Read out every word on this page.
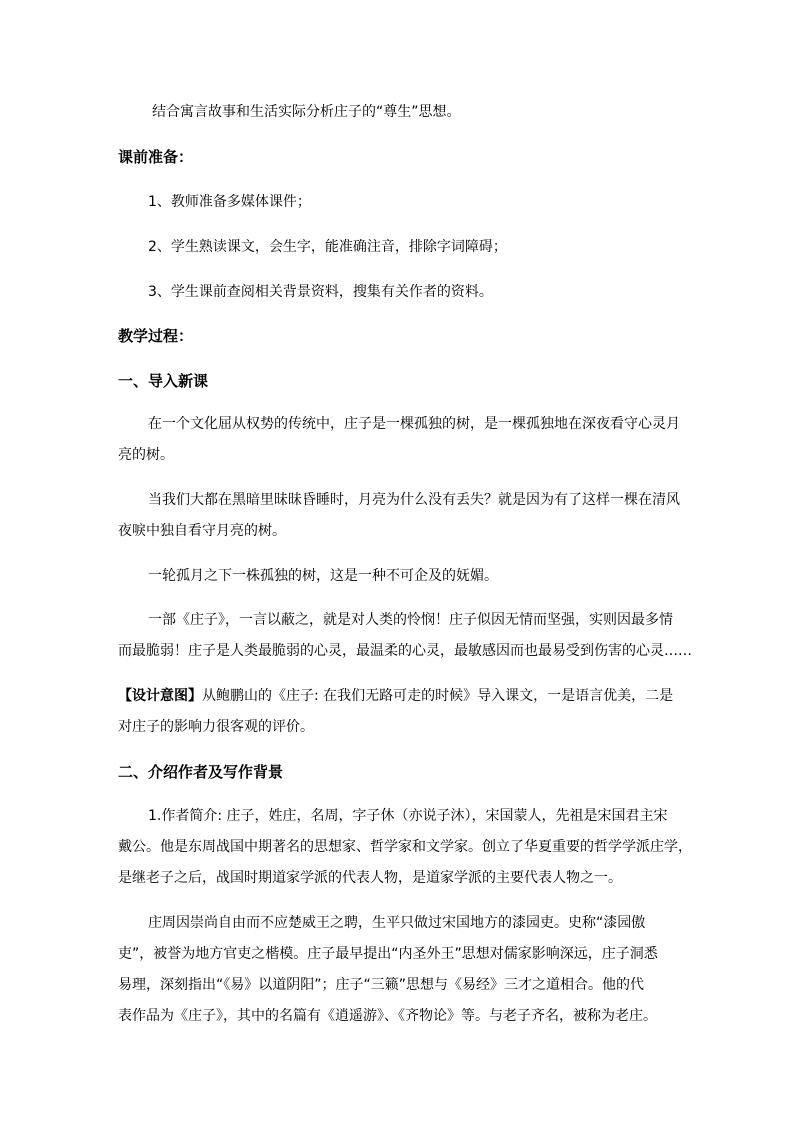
结合寓言故事和生活实际分析庄子的“尊生”思想。
课前准备：
1、教师准备多媒体课件；
2、学生熟读课文，会生字，能准确注音，排除字词障碍；
3、学生课前查阅相关背景资料，搜集有关作者的资料。
教学过程：
一、导入新课
在一个文化屈从权势的传统中，庄子是一棵孤独的树，是一棵孤独地在深夜看守心灵月
亮的树。
当我们大都在黑暗里昧昧昏睡时，月亮为什么没有丢失？就是因为有了这样一棵在清风
夜唳中独自看守月亮的树。
一轮孤月之下一株孤独的树，这是一种不可企及的妩媚。
一部《庄子》，一言以蔽之，就是对人类的怜悯！庄子似因无情而坚强，实则因最多情
而最脆弱！庄子是人类最脆弱的心灵，最温柔的心灵，最敏感因而也最易受到伤害的心灵……
【设计意图】从鲍鹏山的《庄子: 在我们无路可走的时候》导入课文，一是语言优美，二是
对庄子的影响力很客观的评价。
二、介绍作者及写作背景
1.作者简介: 庄子，姓庄，名周，字子休（亦说子沐），宋国蒙人，先祖是宋国君主宋
戴公。他是东周战国中期著名的思想家、哲学家和文学家。创立了华夏重要的哲学学派庄学，
是继老子之后，战国时期道家学派的代表人物，是道家学派的主要代表人物之一。
庄周因崇尚自由而不应楚威王之聘，生平只做过宋国地方的漆园吏。史称“漆园傲
吏”，被誉为地方官吏之楷模。庄子最早提出“内圣外王”思想对儒家影响深远，庄子洞悉
易理，深刻指出“《易》以道阴阳”；庄子“三籁”思想与《易经》三才之道相合。他的代
表作品为《庄子》，其中的名篇有《逍遥游》、《齐物论》等。与老子齐名，被称为老庄。
